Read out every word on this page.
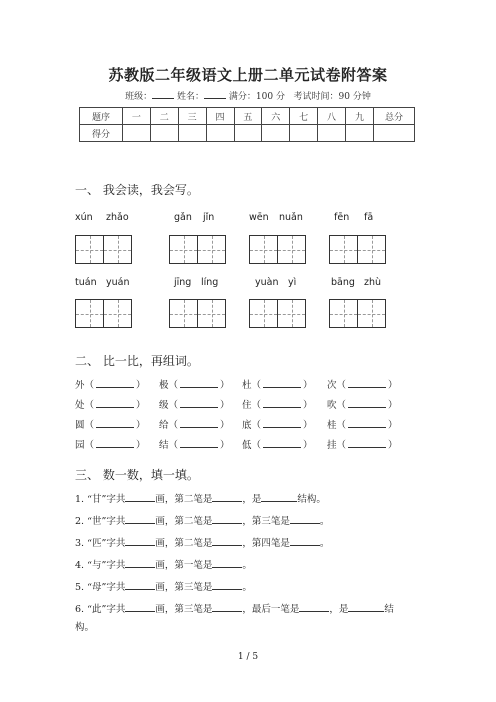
苏教版二年级语文上册二单元试卷附答案
班级：	姓名：	满分：100 分 考试时间：90 分钟
题序	一	二	三	四	五	六	七	八	九	总分
得分										
一、 我会读，我会写。
xún zhǎo	gǎn jǐn	wēn nuǎn	fēn fā
tuán yuán	jīng líng	yuàn yì	bāng zhù
二、 比一比，再组词。
外（	） 极（	） 杜（	） 次（	）
处（	） 级（	） 住（	） 吹（	）
圆（	） 给（	） 底（	） 桂（	）
园（	） 结（	） 低（	） 挂（	）
三、 数一数，填一填。
1. “甘”字共	画，第二笔是	，是	结构。
2. “世”字共	画，第二笔是	，第三笔是	。
3. “匹”字共	画，第二笔是	，第四笔是	。
4. “与”字共	画，第一笔是	。
5. “母”字共	画，第三笔是	。
6. “此”字共	画，第三笔是	，最后一笔是	，是	结
构。
1 / 5
